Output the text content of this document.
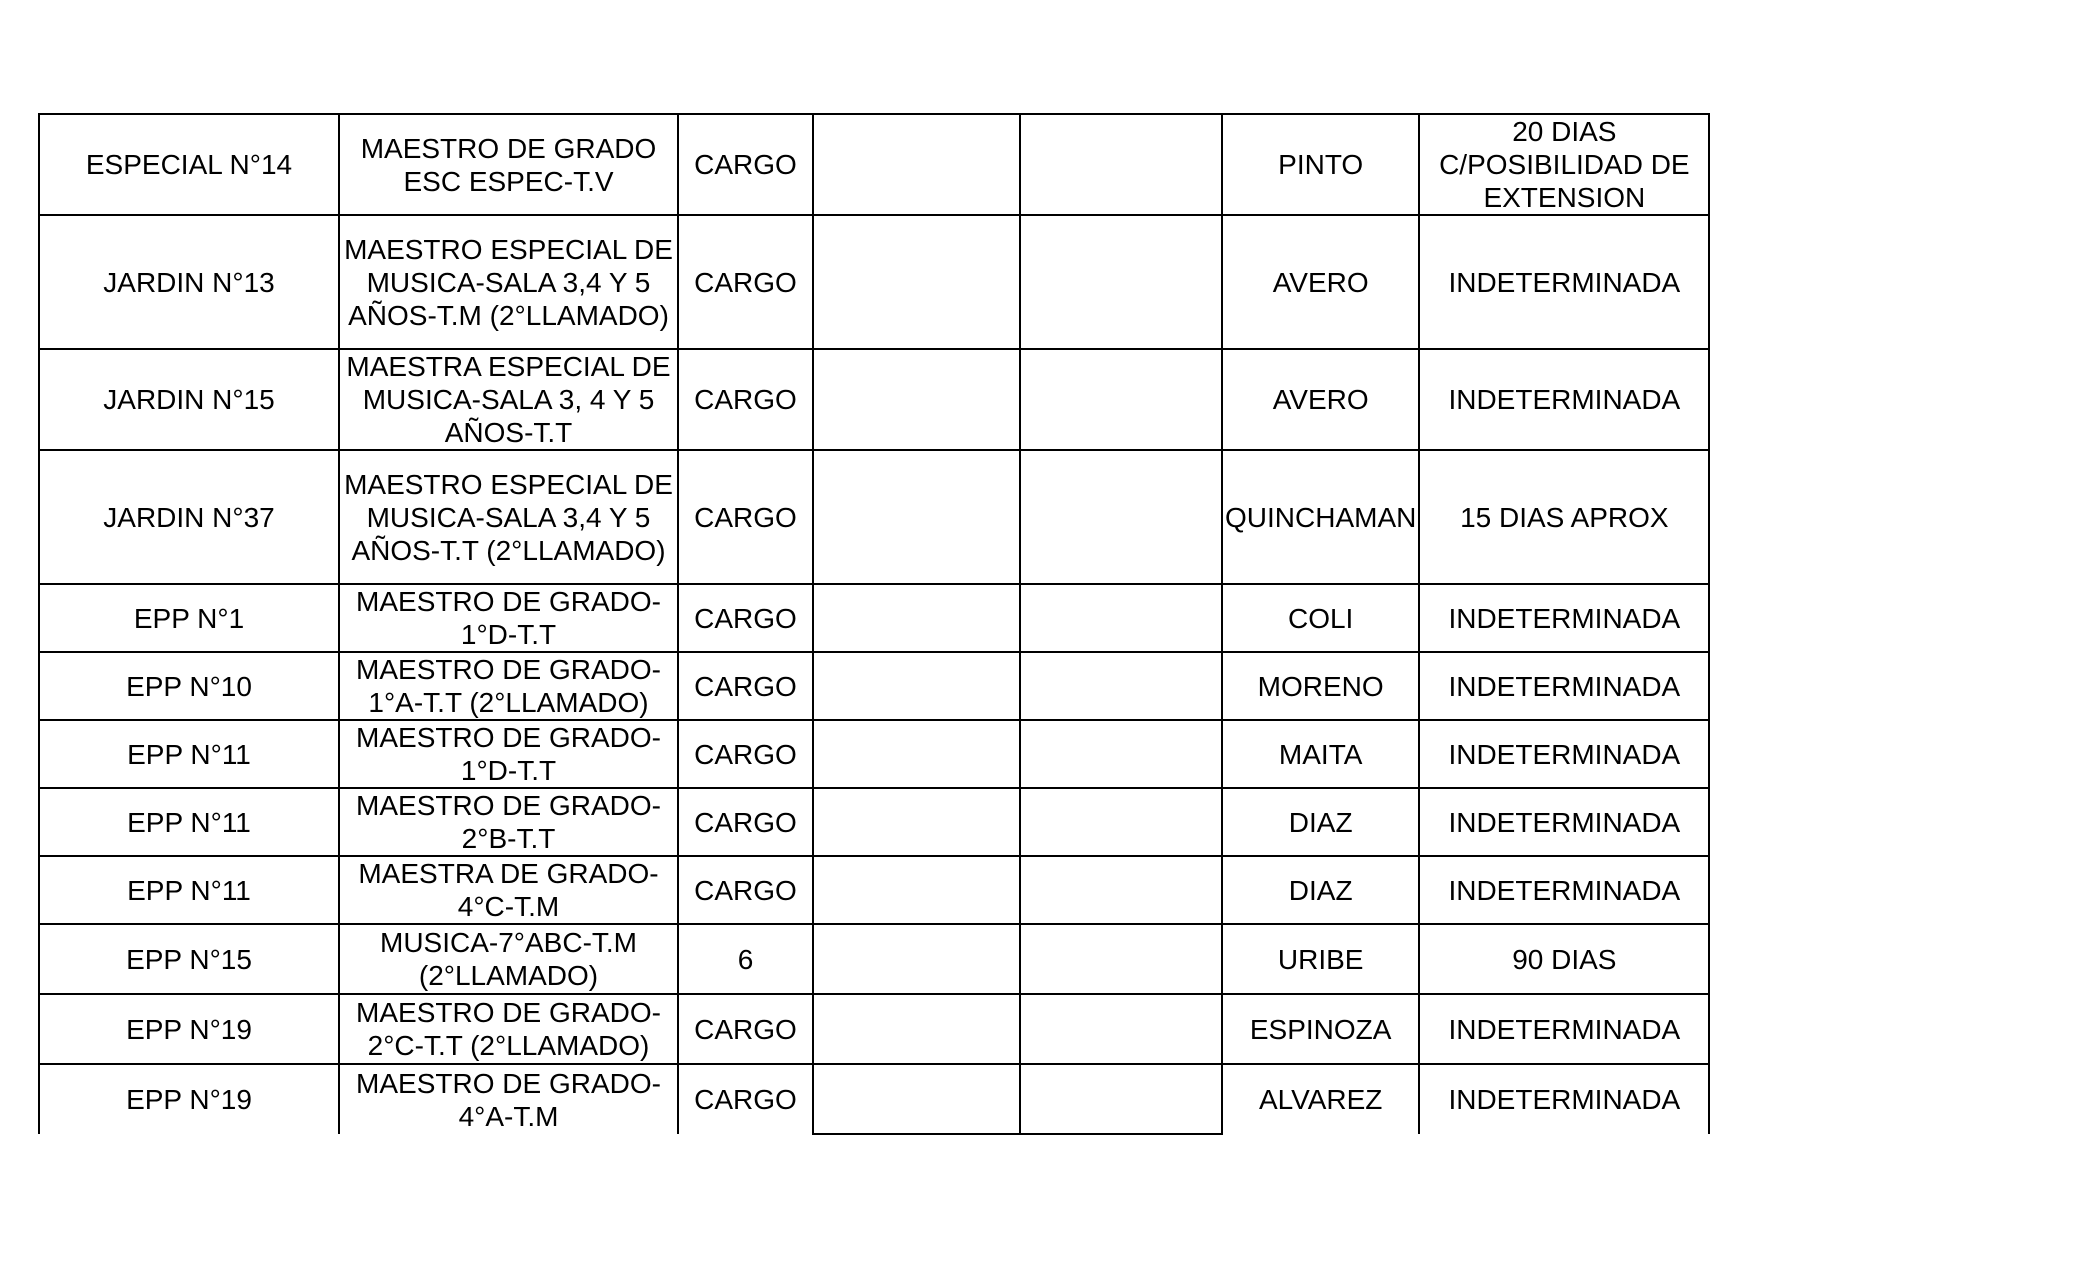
ESPECIAL N°14	MAESTRO DE GRADO ESC ESPEC-T.V	CARGO			PINTO	20 DIAS C/POSIBILIDAD DE EXTENSION
JARDIN N°13	MAESTRO ESPECIAL DE MUSICA-SALA 3,4 Y 5 AÑOS-T.M (2°LLAMADO)	CARGO			AVERO	INDETERMINADA
JARDIN N°15	MAESTRA ESPECIAL DE MUSICA-SALA 3, 4 Y 5 AÑOS-T.T	CARGO			AVERO	INDETERMINADA
JARDIN N°37	MAESTRO ESPECIAL DE MUSICA-SALA 3,4 Y 5 AÑOS-T.T (2°LLAMADO)	CARGO			QUINCHAMAN	15 DIAS APROX
EPP N°1	MAESTRO DE GRADO-1°D-T.T	CARGO			COLI	INDETERMINADA
EPP N°10	MAESTRO DE GRADO-1°A-T.T (2°LLAMADO)	CARGO			MORENO	INDETERMINADA
EPP N°11	MAESTRO DE GRADO-1°D-T.T	CARGO			MAITA	INDETERMINADA
EPP N°11	MAESTRO DE GRADO-2°B-T.T	CARGO			DIAZ	INDETERMINADA
EPP N°11	MAESTRA DE GRADO-4°C-T.M	CARGO			DIAZ	INDETERMINADA
EPP N°15	MUSICA-7°ABC-T.M (2°LLAMADO)	6			URIBE	90 DIAS
EPP N°19	MAESTRO DE GRADO-2°C-T.T (2°LLAMADO)	CARGO			ESPINOZA	INDETERMINADA
EPP N°19	MAESTRO DE GRADO-4°A-T.M	CARGO			ALVAREZ	INDETERMINADA
